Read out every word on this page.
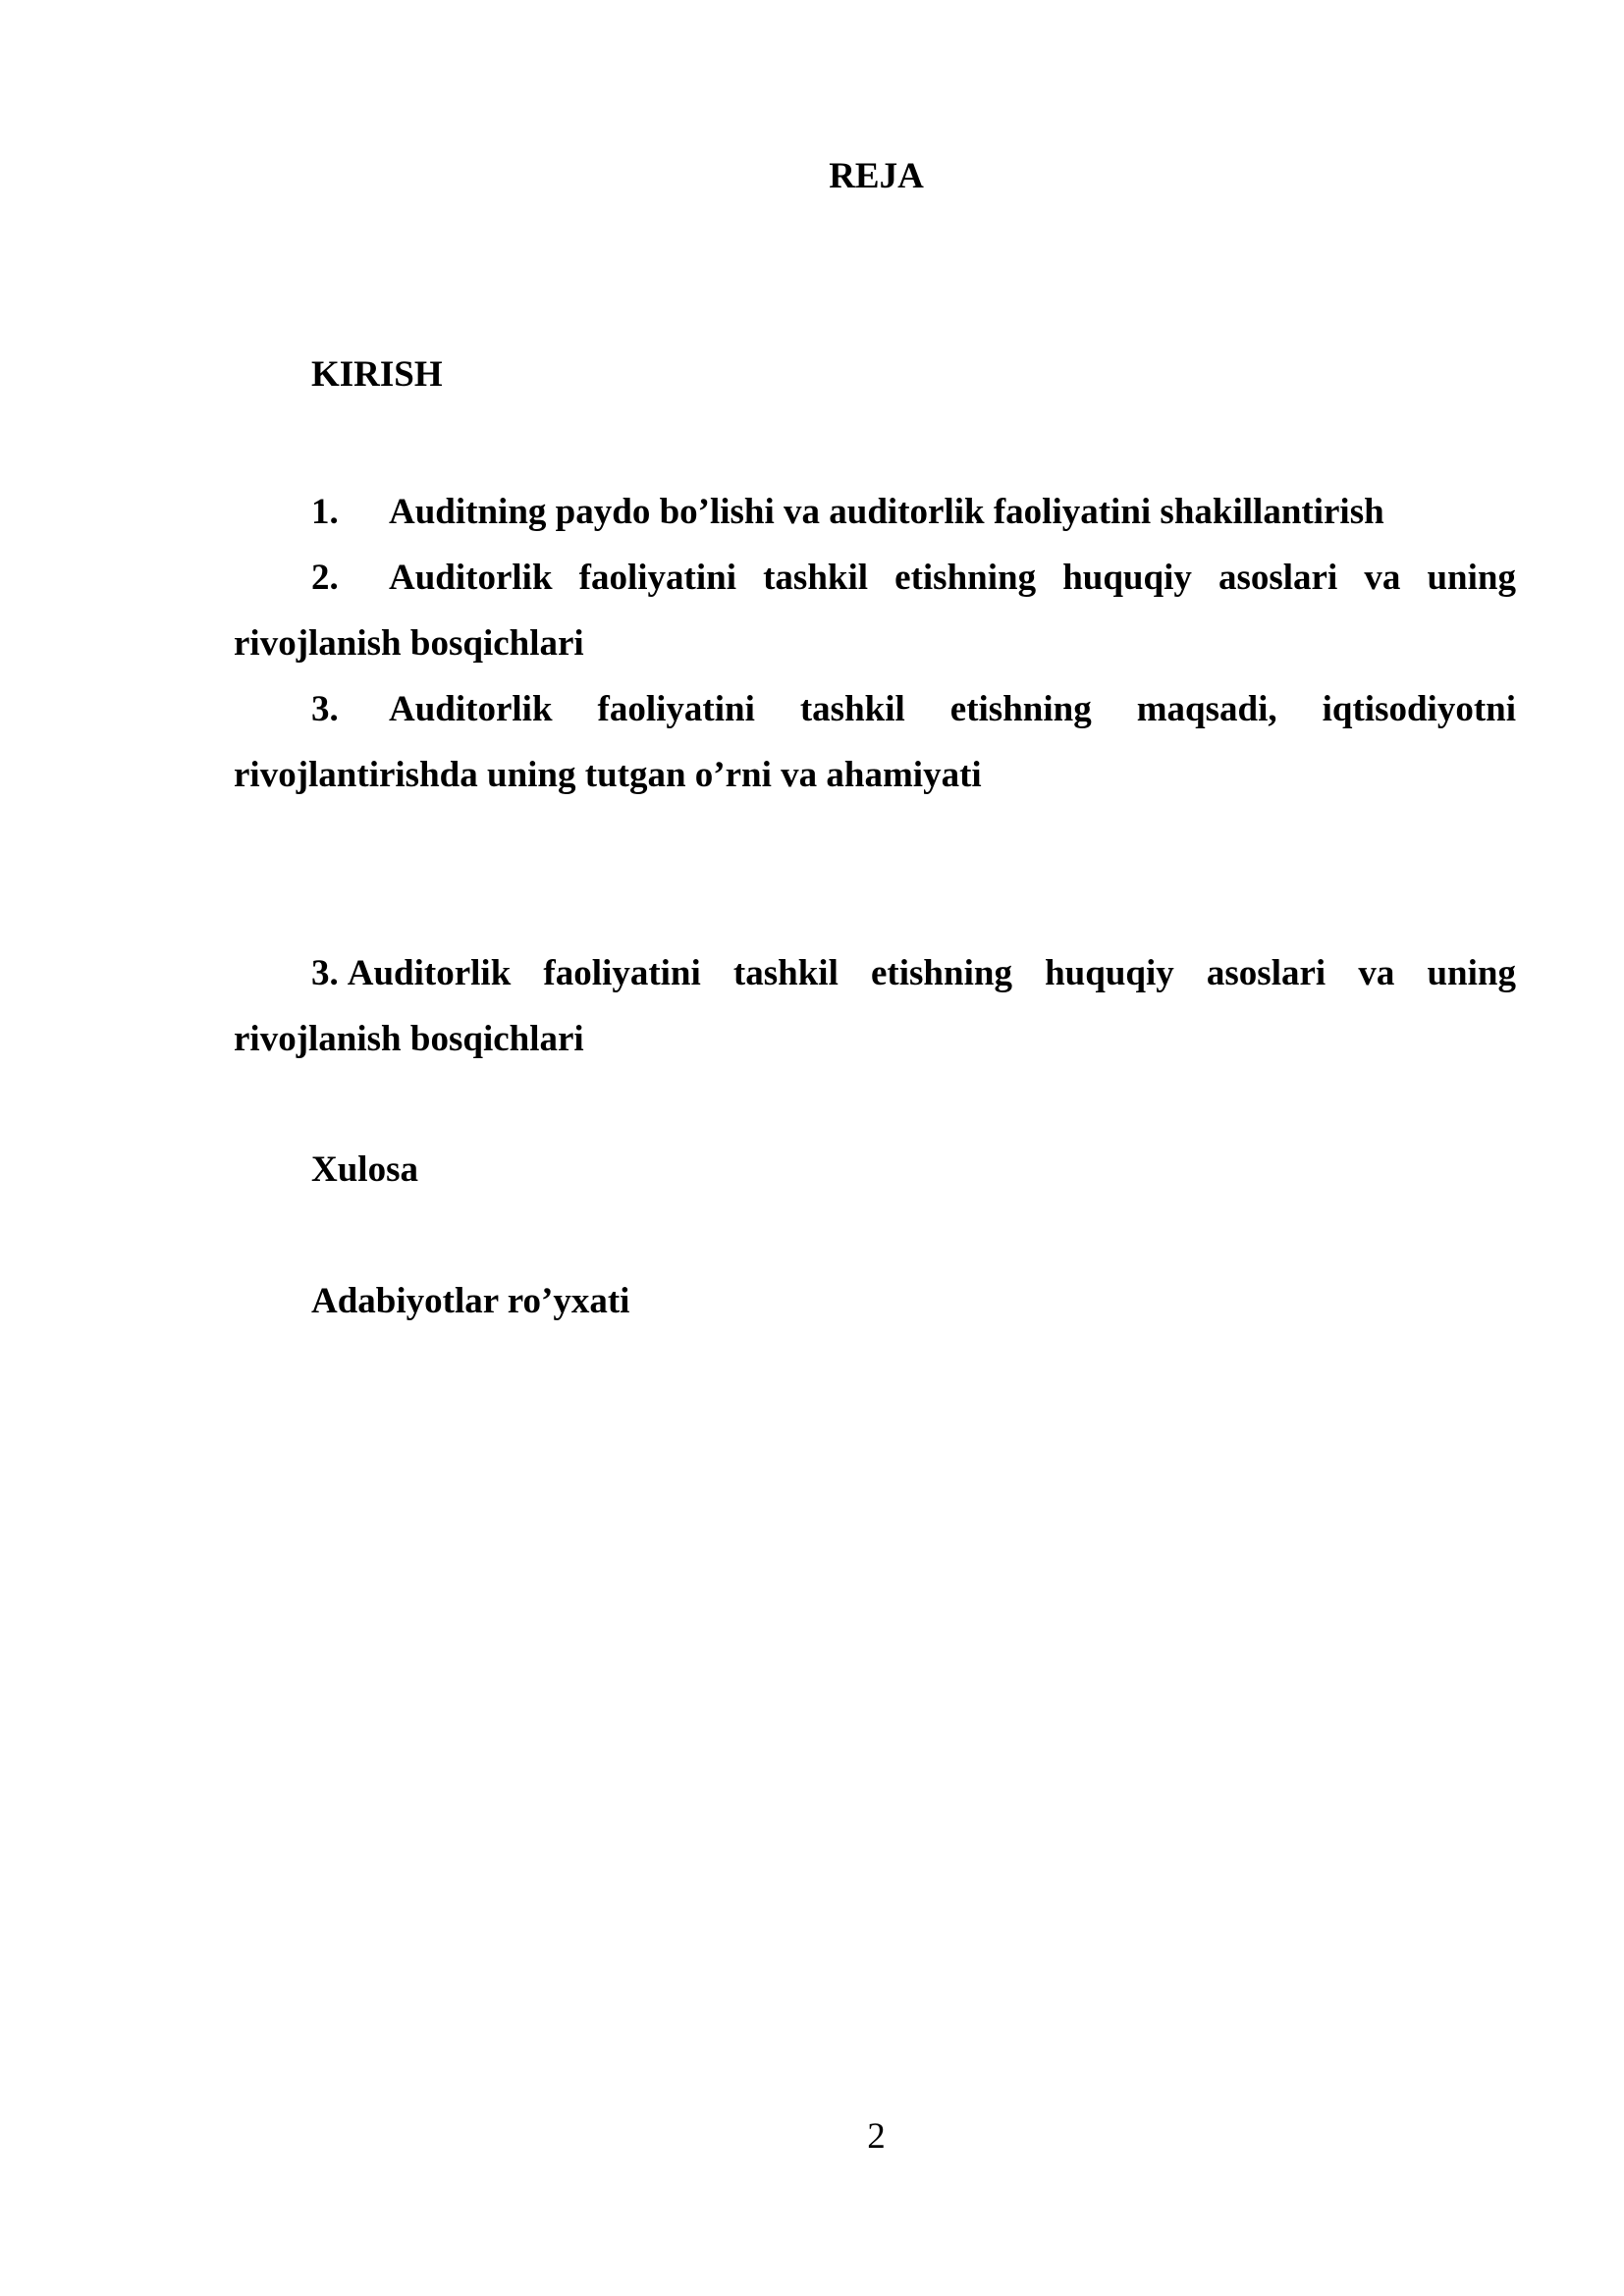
REJA
KIRISH
1. Auditning paydo bo’lishi va auditorlik faoliyatini shakillantirish
2. Auditorlik faoliyatini tashkil etishning huquqiy asoslari va uning rivojlanish bosqichlari
3. Auditorlik faoliyatini tashkil etishning maqsadi, iqtisodiyotni rivojlantirishda uning tutgan o’rni va ahamiyati
3. Auditorlik faoliyatini tashkil etishning huquqiy asoslari va uning rivojlanish bosqichlari
Xulosa
Adabiyotlar ro’yxati
2
